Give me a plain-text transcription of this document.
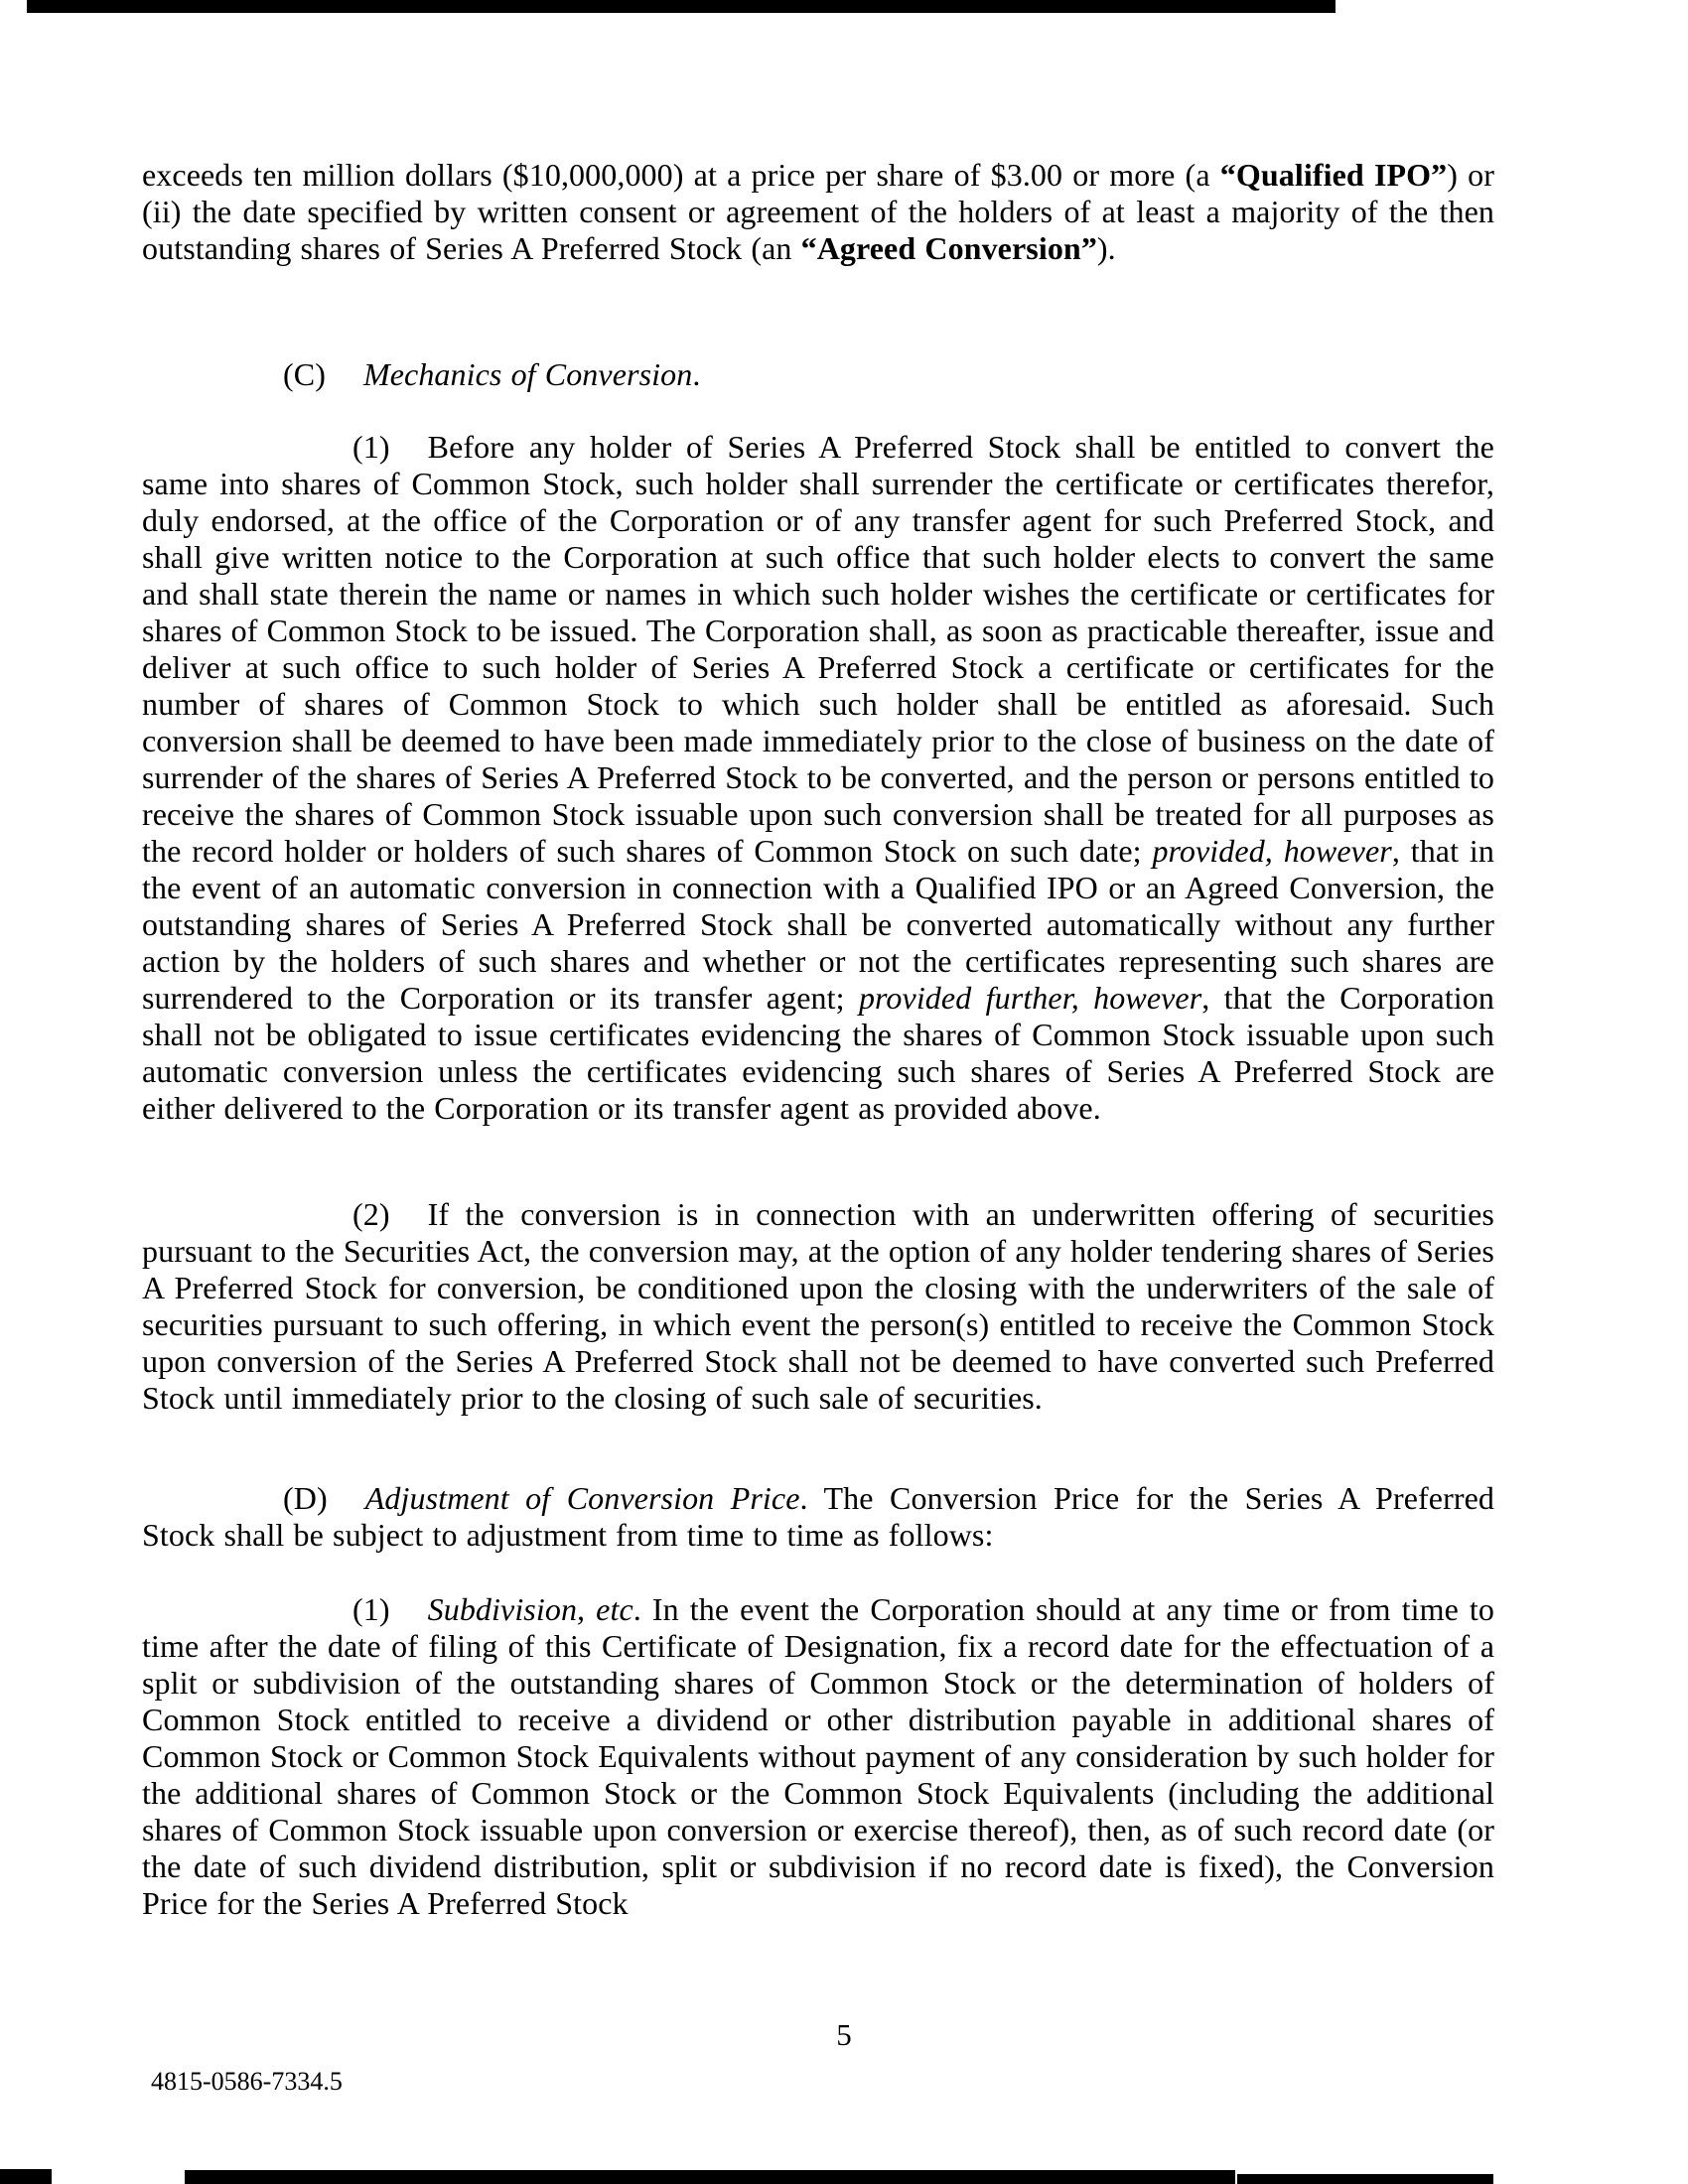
exceeds ten million dollars ($10,000,000) at a price per share of $3.00 or more (a “Qualified IPO”) or (ii) the date specified by written consent or agreement of the holders of at least a majority of the then outstanding shares of Series A Preferred Stock (an “Agreed Conversion”).

(C) Mechanics of Conversion.

(1) Before any holder of Series A Preferred Stock shall be entitled to convert the same into shares of Common Stock, such holder shall surrender the certificate or certificates therefor, duly endorsed, at the office of the Corporation or of any transfer agent for such Preferred Stock, and shall give written notice to the Corporation at such office that such holder elects to convert the same and shall state therein the name or names in which such holder wishes the certificate or certificates for shares of Common Stock to be issued. The Corporation shall, as soon as practicable thereafter, issue and deliver at such office to such holder of Series A Preferred Stock a certificate or certificates for the number of shares of Common Stock to which such holder shall be entitled as aforesaid. Such conversion shall be deemed to have been made immediately prior to the close of business on the date of surrender of the shares of Series A Preferred Stock to be converted, and the person or persons entitled to receive the shares of Common Stock issuable upon such conversion shall be treated for all purposes as the record holder or holders of such shares of Common Stock on such date; provided, however, that in the event of an automatic conversion in connection with a Qualified IPO or an Agreed Conversion, the outstanding shares of Series A Preferred Stock shall be converted automatically without any further action by the holders of such shares and whether or not the certificates representing such shares are surrendered to the Corporation or its transfer agent; provided further, however, that the Corporation shall not be obligated to issue certificates evidencing the shares of Common Stock issuable upon such automatic conversion unless the certificates evidencing such shares of Series A Preferred Stock are either delivered to the Corporation or its transfer agent as provided above.

(2) If the conversion is in connection with an underwritten offering of securities pursuant to the Securities Act, the conversion may, at the option of any holder tendering shares of Series A Preferred Stock for conversion, be conditioned upon the closing with the underwriters of the sale of securities pursuant to such offering, in which event the person(s) entitled to receive the Common Stock upon conversion of the Series A Preferred Stock shall not be deemed to have converted such Preferred Stock until immediately prior to the closing of such sale of securities.

(D) Adjustment of Conversion Price. The Conversion Price for the Series A Preferred Stock shall be subject to adjustment from time to time as follows:

(1) Subdivision, etc. In the event the Corporation should at any time or from time to time after the date of filing of this Certificate of Designation, fix a record date for the effectuation of a split or subdivision of the outstanding shares of Common Stock or the determination of holders of Common Stock entitled to receive a dividend or other distribution payable in additional shares of Common Stock or Common Stock Equivalents without payment of any consideration by such holder for the additional shares of Common Stock or the Common Stock Equivalents (including the additional shares of Common Stock issuable upon conversion or exercise thereof), then, as of such record date (or the date of such dividend distribution, split or subdivision if no record date is fixed), the Conversion Price for the Series A Preferred Stock

5
4815-0586-7334.5
